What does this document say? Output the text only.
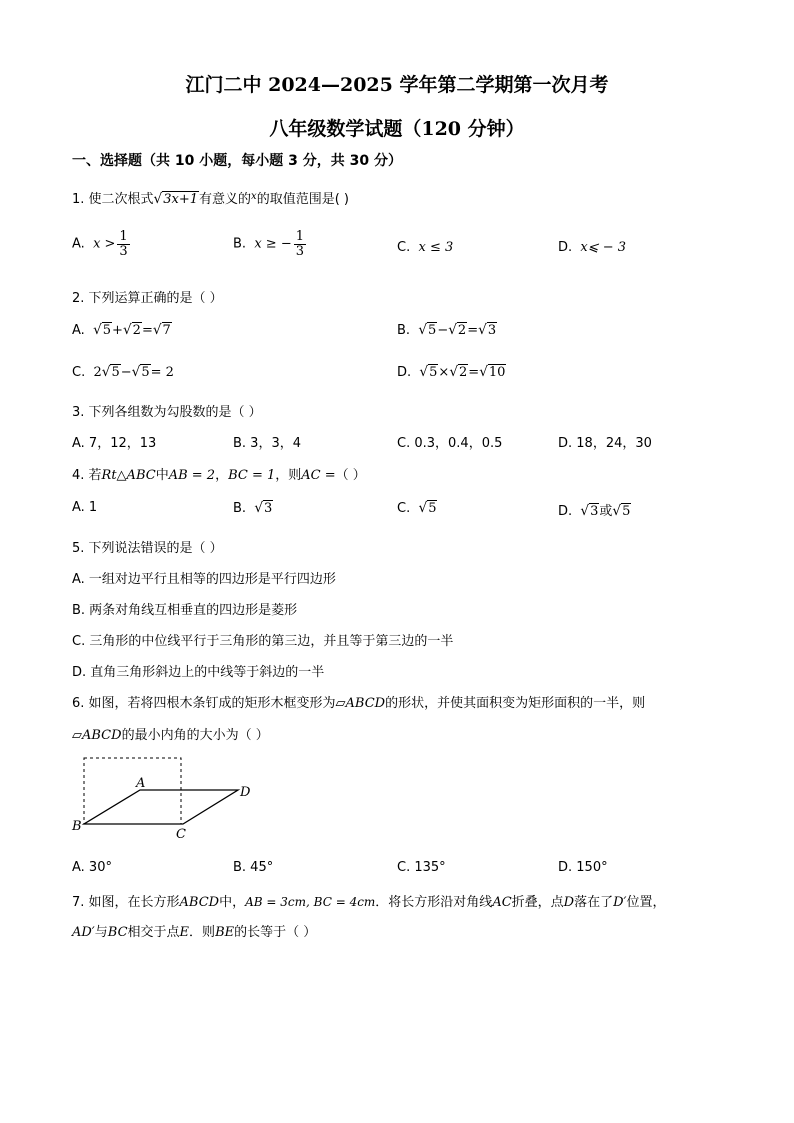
江门二中 2024—2025 学年第二学期第一次月考
八年级数学试题（120 分钟）
一、选择题（共 10 小题，每小题 3 分，共 30 分）
1. 使二次根式 √ 3x+1 有意义的$^x$的取值范围是( )
A. $x > \frac{1}{3}$	B. x ≥ − $\frac{1}{3}$	C. x ≤ 3	D. x⩽ − 3
2. 下列运算正确的是（ ）
A. √ 5 + √ 2 = √ 7	B. √ 5 − √ 2 = √ 3
C. 2 √ 5 − √ 5 = 2	D. √ 5 × √ 2 = √ 10
3. 下列各组数为勾股数的是（ ）
A. 7，12，13	B. 3，3，4	C. 0.3，0.4，0.5	D. 18，24，30
4. 若Rt△ABC中AB = 2，BC = 1，则AC =（ ）
A. 1	B. √ 3	C. √ 5	D. √ 3 或 √ 5
5. 下列说法错误的是（ ）
A. 一组对边平行且相等的四边形是平行四边形
B. 两条对角线互相垂直的四边形是菱形
C. 三角形的中位线平行于三角形的第三边，并且等于第三边的一半
D. 直角三角形斜边上的中线等于斜边的一半
6. 如图，若将四根木条钉成的矩形木框变形为▱ABCD的形状，并使其面积变为矩形面积的一半，则
▱ABCD的最小内角的大小为（ ）
A
B
C
D
A. 30°	B. 45°	C. 135°	D. 150°
7. 如图，在长方形ABCD中，AB = 3cm, BC = 4cm．将长方形沿对角线AC折叠，点D落在了D′位置，
AD′与BC相交于点E．则BE的长等于（ ）
